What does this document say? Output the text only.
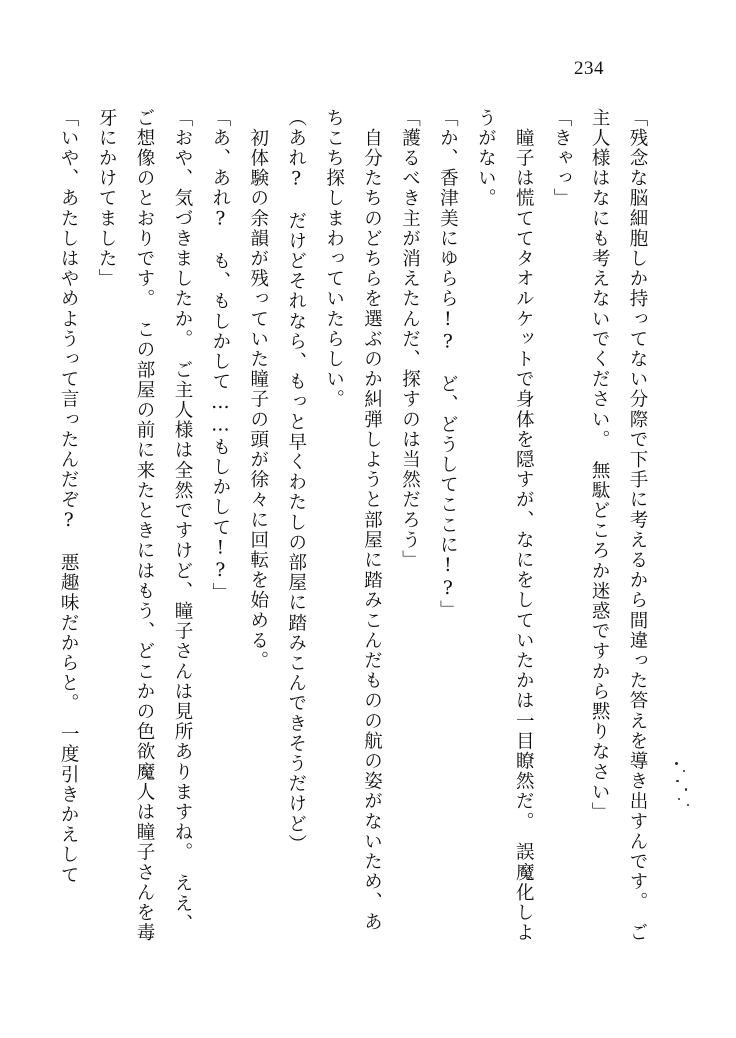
234

「残念な脳細胞しか持ってない分際で下手に考えるから間違った答えを導き出すんです。　ご主人様はなにも考えないでください。　無駄どころか迷惑ですから黙りなさい」

「きゃっ」

　瞳子は慌ててタオルケットで身体を隠すが、なにをしていたかは一目瞭然だ。　誤魔化しようがない。

「か、香津美にゆらら!?　ど、どうしてここに!?」

「護るべき主が消えたんだ、探すのは当然だろう」

　自分たちのどちらを選ぶのか糾弾しようと部屋に踏みこんだものの航の姿がないため、あちこち探しまわっていたらしい。

（あれ?　だけどそれなら、もっと早くわたしの部屋に踏みこんできそうだけど）

　初体験の余韻が残っていた瞳子の頭が徐々に回転を始める。

「あ、あれ?　も、もしかして……もしかして!?」

「おや、気づきましたか。　ご主人様は全然ですけど、瞳子さんは見所ありますね。　ええ、ご想像のとおりです。　この部屋の前に来たときにはもう、どこかの色欲魔人は瞳子さんを毒牙にかけてました」

「いや、あたしはやめようって言ったんだぞ?　悪趣味だからと。　一度引きかえして
